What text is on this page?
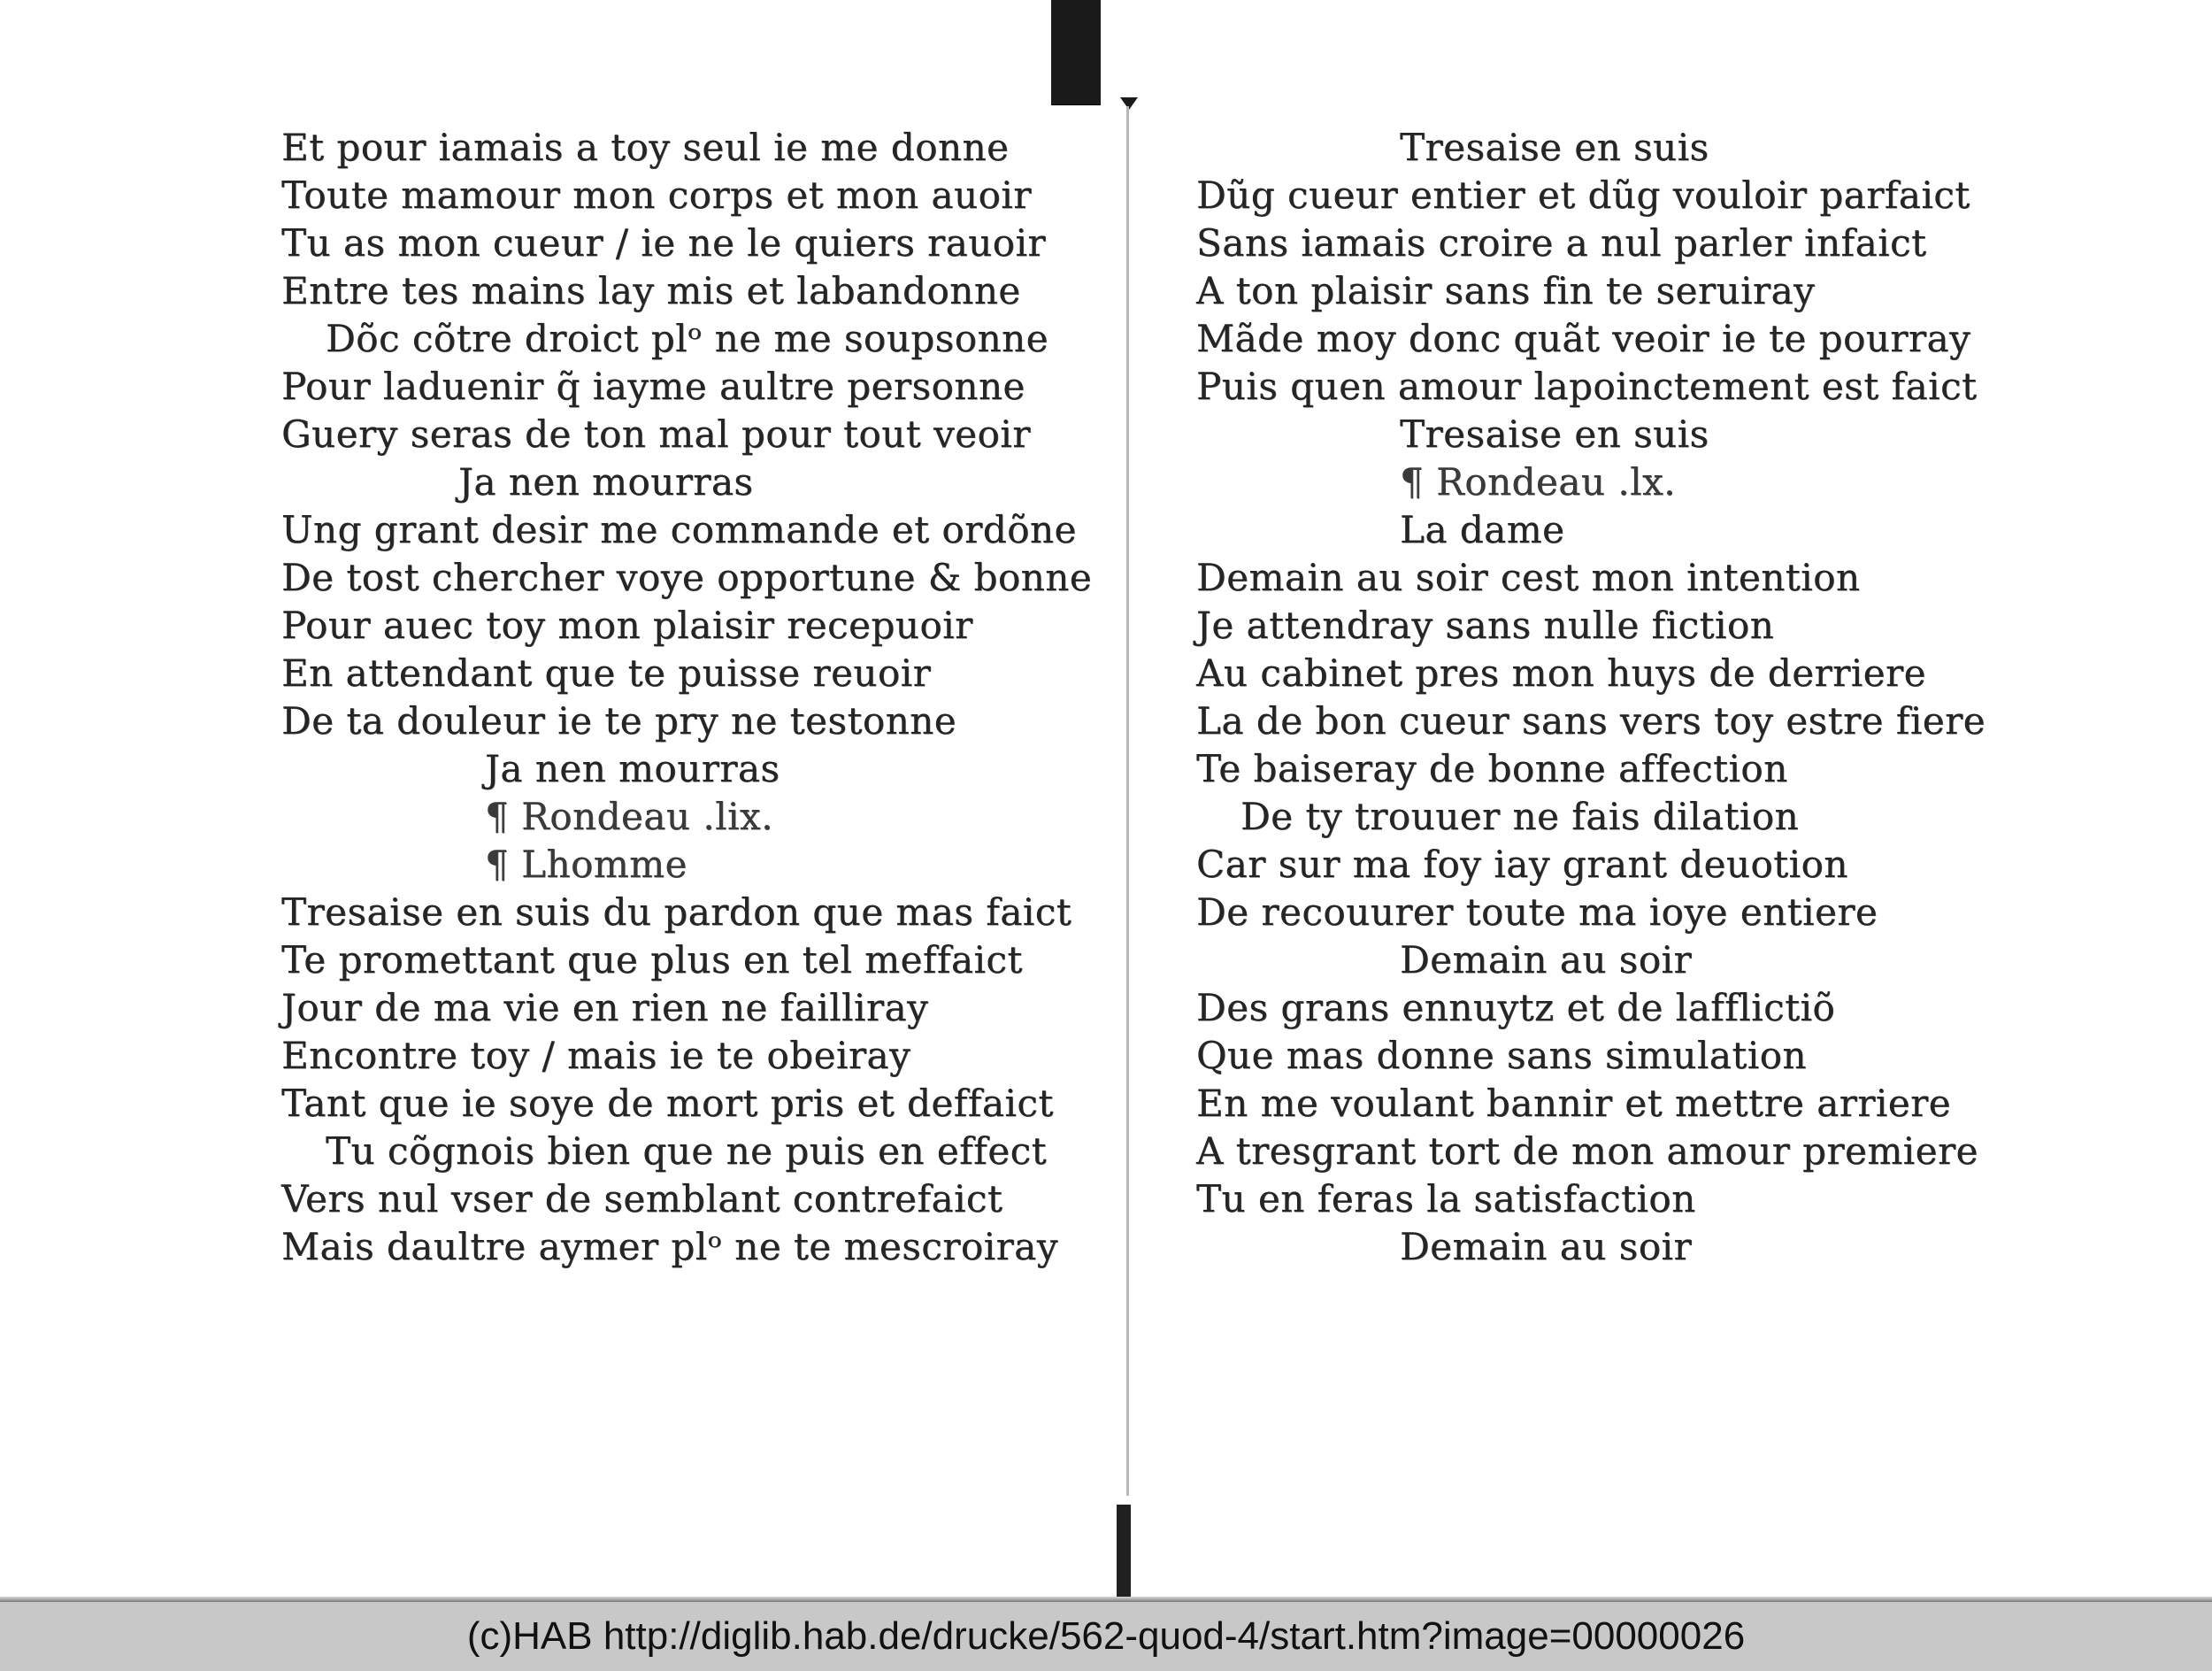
Et pour iamais a toy seul ie me donne
Toute mamour mon corps et mon auoir
Tu as mon cueur / ie ne le quiers rauoir
Entre tes mains lay mis et labandonne
Dõc cõtre droict plᵒ ne me soupsonne
Pour laduenir q̃ iayme aultre personne
Guery seras de ton mal pour tout veoir
Ja nen mourras
Ung grant desir me commande et ordõne
De tost chercher voye opportune & bonne
Pour auec toy mon plaisir recepuoir
En attendant que te puisse reuoir
De ta douleur ie te pry ne testonne
Ja nen mourras
¶ Rondeau .lix.
¶ Lhomme
Tresaise en suis du pardon que mas faict
Te promettant que plus en tel meffaict
Jour de ma vie en rien ne failliray
Encontre toy / mais ie te obeiray
Tant que ie soye de mort pris et deffaict
Tu cõgnois bien que ne puis en effect
Vers nul vser de semblant contrefaict
Mais daultre aymer plᵒ ne te mescroiray
Tresaise en suis
Dũg cueur entier et dũg vouloir parfaict
Sans iamais croire a nul parler infaict
A ton plaisir sans fin te seruiray
Mãde moy donc quãt veoir ie te pourray
Puis quen amour lapoinctement est faict
Tresaise en suis
¶ Rondeau .lx.
La dame
Demain au soir cest mon intention
Je attendray sans nulle fiction
Au cabinet pres mon huys de derriere
La de bon cueur sans vers toy estre fiere
Te baiseray de bonne affection
De ty trouuer ne fais dilation
Car sur ma foy iay grant deuotion
De recouurer toute ma ioye entiere
Demain au soir
Des grans ennuytz et de lafflictiõ
Que mas donne sans simulation
En me voulant bannir et mettre arriere
A tresgrant tort de mon amour premiere
Tu en feras la satisfaction
Demain au soir
(c)HAB http://diglib.hab.de/drucke/562-quod-4/start.htm?image=00000026
